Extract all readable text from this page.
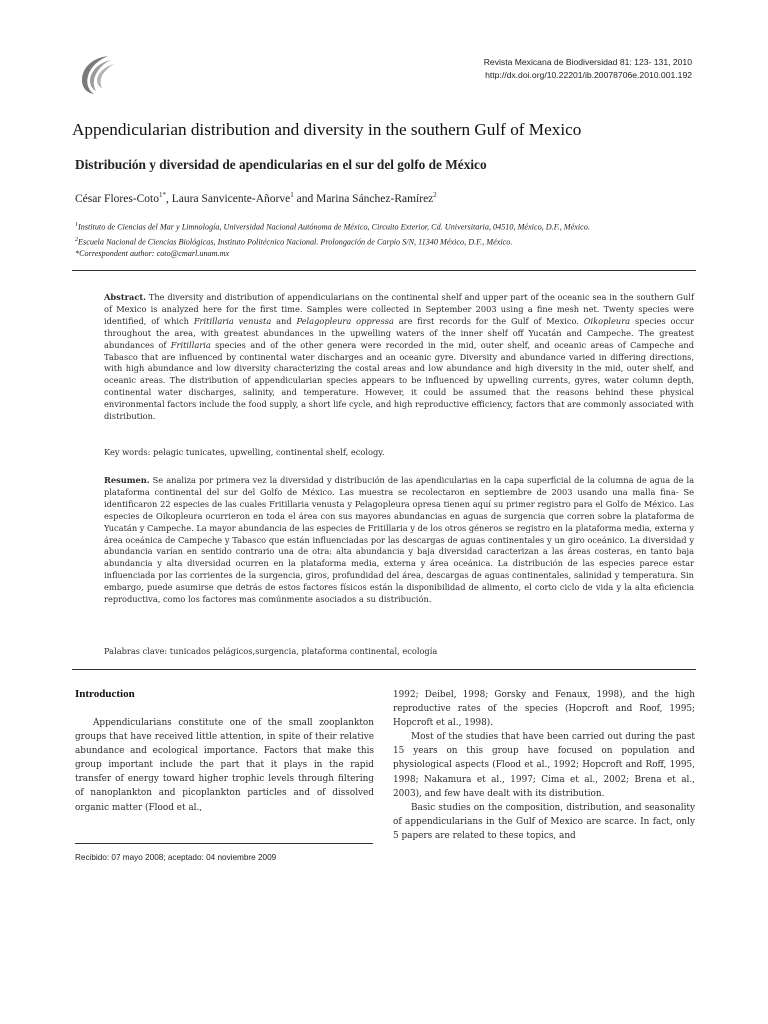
Revista Mexicana de Biodiversidad 81: 123- 131, 2010
http://dx.doi.org/10.22201/ib.20078706e.2010.001.192
Appendicularian distribution and diversity in the southern Gulf of Mexico
Distribución y diversidad de apendicularias en el sur del golfo de México
César Flores-Coto$^{1*}$, Laura Sanvicente-Añorve$^1$ and Marina Sánchez-Ramírez$^2$

$^1$Instituto de Ciencias del Mar y Limnología, Universidad Nacional Autónoma de México, Circuito Exterior, Cd. Universitaria, 04510, México, D.F., México.

$^2$Escuela Nacional de Ciencias Biológicas, Instituto Politécnico Nacional. Prolongación de Carpio S/N, 11340 México, D.F., México.

*Correspondent author: coto@cmarl.unam.mx

Abstract. The diversity and distribution of appendicularians on the continental shelf and upper part of the oceanic sea in the southern Gulf of Mexico is analyzed here for the first time. Samples were collected in September 2003 using a fine mesh net. Twenty species were identified, of which Fritillaria venusta and Pelagopleura oppressa are first records for the Gulf of Mexico. Oikopleura species occur throughout the area, with greatest abundances in the upwelling waters of the inner shelf off Yucatán and Campeche. The greatest abundances of Fritillaria species and of the other genera were recorded in the mid, outer shelf, and oceanic areas of Campeche and Tabasco that are influenced by continental water discharges and an oceanic gyre. Diversity and abundance varied in differing directions, with high abundance and low diversity characterizing the costal areas and low abundance and high diversity in the mid, outer shelf, and oceanic areas. The distribution of appendicularian species appears to be influenced by upwelling currents, gyres, water column depth, continental water discharges, salinity, and temperature. However, it could be assumed that the reasons behind these physical environmental factors include the food supply, a short life cycle, and high reproductive efficiency, factors that are commonly associated with distribution.

Key words: pelagic tunicates, upwelling, continental shelf, ecology.

Resumen. Se analiza por primera vez la diversidad y distribución de las apendicularias en la capa superficial de la columna de agua de la plataforma continental del sur del Golfo de México. Las muestra se recolectaron en septiembre de 2003 usando una malla fina- Se identificaron 22 especies de las cuales Fritillaria venusta y Pelagopleura opresa tienen aquí su primer registro para el Golfo de México. Las especies de Oikopleura ocurrieron en toda el área con sus mayores abundancias en aguas de surgencia que corren sobre la plataforma de Yucatán y Campeche. La mayor abundancia de las especies de Fritillaria y de los otros géneros se registro en la plataforma media, externa y área oceánica de Campeche y Tabasco que están influenciadas por las descargas de aguas continentales y un giro oceánico. La diversidad y abundancia varían en sentido contrario una de otra: alta abundancia y baja diversidad caracterizan a las áreas costeras, en tanto baja abundancia y alta diversidad ocurren en la plataforma media, externa y área oceánica. La distribución de las especies parece estar influenciada por las corrientes de la surgencia, giros, profundidad del área, descargas de aguas continentales, salinidad y temperatura. Sin embargo, puede asumirse que detrás de estos factores físicos están la disponibilidad de alimento, el corto ciclo de vida y la alta eficiencia reproductiva, como los factores mas comúnmente asociados a su distribución.

Palabras clave: tunicados pelágicos,surgencia, plataforma continental, ecología
Introduction

Appendicularians constitute one of the small zooplankton groups that have received little attention, in spite of their relative abundance and ecological importance. Factors that make this group important include the part that it plays in the rapid transfer of energy toward higher trophic levels through filtering of nanoplankton and picoplankton particles and of dissolved organic matter (Flood et al.,

1992; Deibel, 1998; Gorsky and Fenaux, 1998), and the high reproductive rates of the species (Hopcroft and Roof, 1995; Hopcroft et al., 1998).

Most of the studies that have been carried out during the past 15 years on this group have focused on population and physiological aspects (Flood et al., 1992; Hopcroft and Roff, 1995, 1998; Nakamura et al., 1997; Cima et al., 2002; Brena et al., 2003), and few have dealt with its distribution.

Basic studies on the composition, distribution, and seasonality of appendicularians in the Gulf of Mexico are scarce. In fact, only 5 papers are related to these topics, and

Recibido: 07 mayo 2008; aceptado: 04 noviembre 2009
